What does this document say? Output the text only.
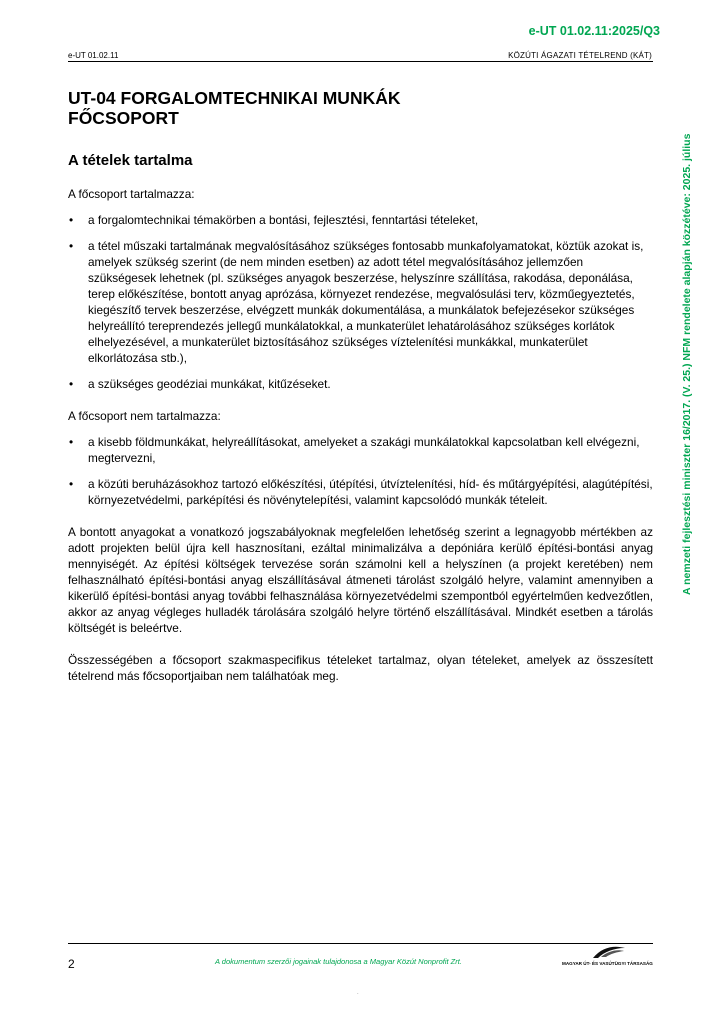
e-UT 01.02.11:2025/Q3
e-UT 01.02.11	KÖZÚTI ÁGAZATI TÉTELREND (KÁT)
A nemzeti fejlesztési miniszter 16/2017. (V. 25.) NFM rendelete alapján közzétéve: 2025. július
UT-04 FORGALOMTECHNIKAI MUNKÁK
FŐCSOPORT
A tételek tartalma

A főcsoport tartalmazza:

• a forgalomtechnikai témakörben a bontási, fejlesztési, fenntartási tételeket,
• a tétel műszaki tartalmának megvalósításához szükséges fontosabb munkafolyamatokat, köztük azokat is, amelyek szükség szerint (de nem minden esetben) az adott tétel megvalósításához jellemzően szükségesek lehetnek (pl. szükséges anyagok beszerzése, helyszínre szállítása, rakodása, deponálása, terep előkészítése, bontott anyag aprózása, környezet rendezése, megvalósulási terv, közműegyeztetés, kiegészítő tervek beszerzése, elvégzett munkák dokumentálása, a munkálatok befejezésekor szükséges helyreállító tereprendezés jellegű munkálatokkal, a munkaterület lehatárolásához szükséges korlátok elhelyezésével, a munkaterület biztosításához szükséges víztelenítési munkákkal, munkaterület elkorlátozása stb.),
• a szükséges geodéziai munkákat, kitűzéseket.

A főcsoport nem tartalmazza:

• a kisebb földmunkákat, helyreállításokat, amelyeket a szakági munkálatokkal kapcsolatban kell elvégezni, megtervezni,
• a közúti beruházásokhoz tartozó előkészítési, útépítési, útvíztelenítési, híd- és műtárgyépítési, alagútépítési, környezetvédelmi, parképítési és növénytelepítési, valamint kapcsolódó munkák tételeit.

A bontott anyagokat a vonatkozó jogszabályoknak megfelelően lehetőség szerint a legnagyobb mértékben az adott projekten belül újra kell hasznosítani, ezáltal minimalizálva a depóniára kerülő építési-bontási anyag mennyiségét. Az építési költségek tervezése során számolni kell a helyszínen (a projekt keretében) nem felhasználható építési-bontási anyag elszállításával átmeneti tárolást szolgáló helyre, valamint amennyiben a kikerülő építési-bontási anyag további felhasználása környezetvédelmi szempontból egyértelműen kedvezőtlen, akkor az anyag végleges hulladék tárolására szolgáló helyre történő elszállításával. Mindkét esetben a tárolás költségét is beleértve.

Összességében a főcsoport szakmaspecifikus tételeket tartalmaz, olyan tételeket, amelyek az összesített tételrend más főcsoportjaiban nem találhatóak meg.

2	A dokumentum szerzői jogainak tulajdonosa a Magyar Közút Nonprofit Zrt.	MAGYAR ÚT- ÉS VASÚTÜGYI TÁRSASÁG
.
